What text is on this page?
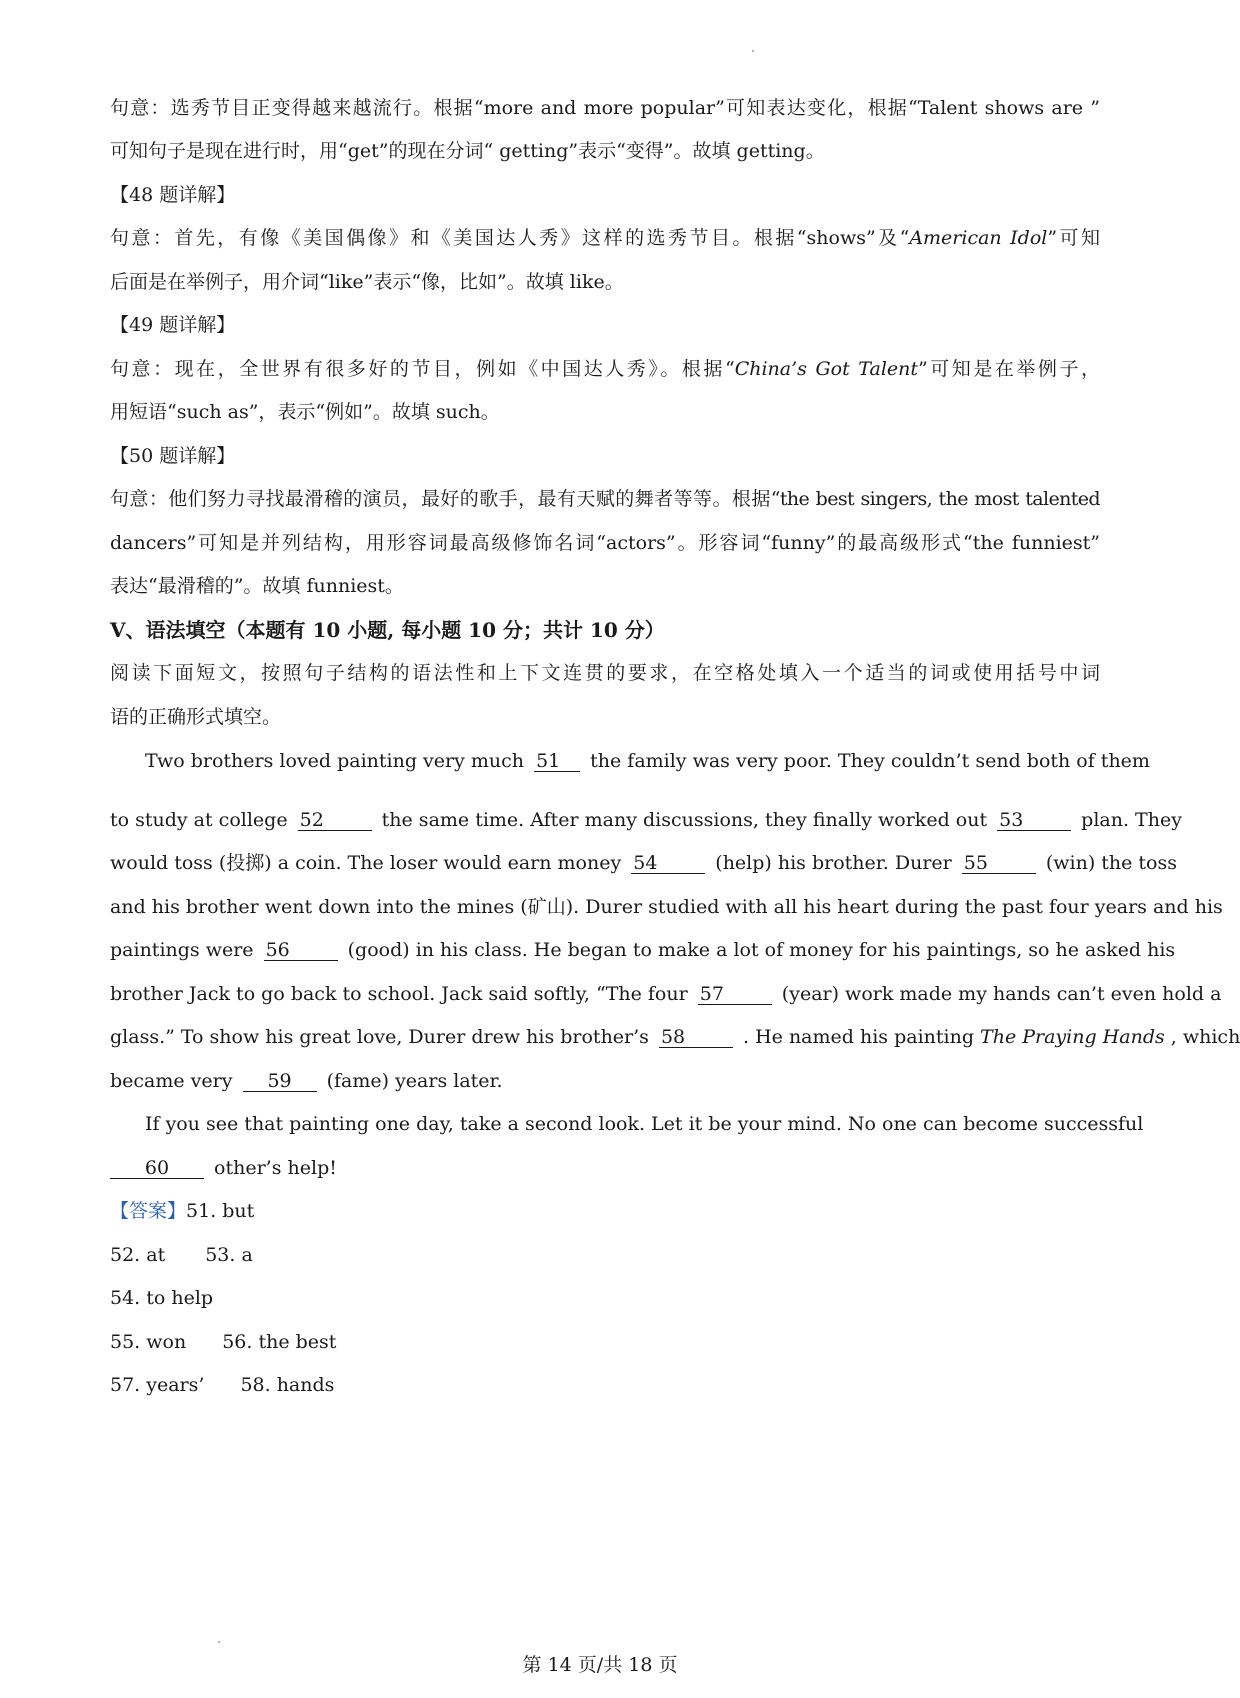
句意：选秀节目正变得越来越流行。根据“more and more popular”可知表达变化，根据“Talent shows are ”
可知句子是现在进行时，用“get”的现在分词“ getting”表示“变得”。故填 getting。
【48 题详解】
句意：首先，有像《美国偶像》和《美国达人秀》这样的选秀节目。根据“shows”及“American Idol”可知
后面是在举例子，用介词“like”表示“像，比如”。故填 like。
【49 题详解】
句意：现在，全世界有很多好的节目，例如《中国达人秀》。根据“China’s Got Talent”可知是在举例子，
用短语“such as”，表示“例如”。故填 such。
【50 题详解】
句意：他们努力寻找最滑稽的演员，最好的歌手，最有天赋的舞者等等。根据“the best singers, the most talented
dancers”可知是并列结构，用形容词最高级修饰名词“actors”。形容词“funny”的最高级形式“the funniest”
表达“最滑稽的”。故填 funniest。
V、语法填空（本题有 10 小题, 每小题 10 分；共计 10 分）
阅读下面短文，按照句子结构的语法性和上下文连贯的要求，在空格处填入一个适当的词或使用括号中词
语的正确形式填空。
Two brothers loved painting very much 51 the family was very poor. They couldn’t send both of them
to study at college 52	the same time. After many discussions, they finally worked out 53	plan. They
would toss (投掷) a coin. The loser would earn money 54	(help) his brother. Durer 55	(win) the toss
and his brother went down into the mines (矿山). Durer studied with all his heart during the past four years and his
paintings were 56	(good) in his class. He began to make a lot of money for his paintings, so he asked his
brother Jack to go back to school. Jack said softly, “The four 57	(year) work made my hands can’t even hold a
glass.” To show his great love, Durer drew his brother’s 58	. He named his painting The Praying Hands , which
became very 59 (fame) years later.
If you see that painting one day, take a second look. Let it be your mind. No one can become successful
60 other’s help!
【答案】51. but
52. at 53. a
54. to help
55. won 56. the best
57. years’ 58. hands
第 14 页/共 18 页
